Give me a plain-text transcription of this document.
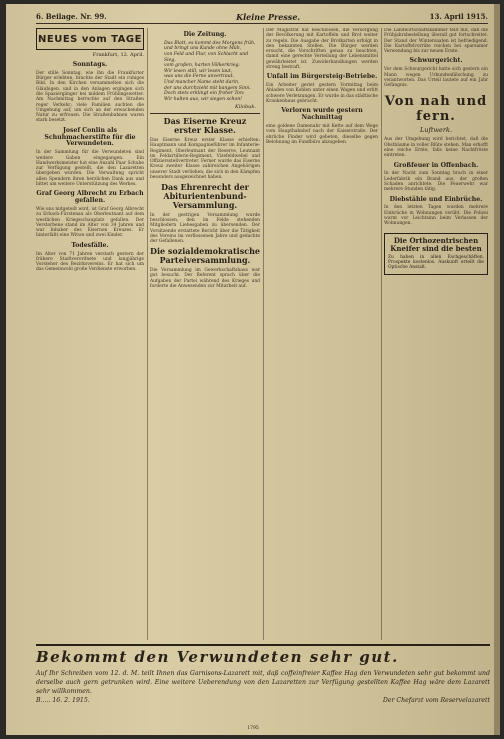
6. Beilage. Nr. 99.	Kleine Presse.	13. April 1915.
NEUES vom TAGE
Frankfurt, 12. April.
Sonntags.

Der stille Sonntag, wie ihn die Frankfurter Bürger erlebten, brachte der Stadt ein ruhiges Bild. In den Kirchen versammelten sich die Gläubigen, und in den Anlagen ergingen sich die Spaziergänger bei mildem Frühlingswetter. Am Nachmittag herrschte auf den Straßen reger Verkehr; viele Familien suchten die Umgebung auf, um sich an der erwachenden Natur zu erfreuen. Die Straßenbahnen waren stark besetzt.

Josef Conlin als Schuhmacherstifte für die Verwundeten.

In der Sammlung für die Verwundeten sind weitere Gaben eingegangen. Ein Handwerksmeister hat eine Anzahl Paar Schuhe zur Verfügung gestellt, die den Lazaretten übergeben wurden. Die Verwaltung spricht allen Spendern ihren herzlichen Dank aus und bittet um weitere Unterstützung des Werkes.

Graf Georg Albrecht zu Erbach gefallen.

Wie uns mitgeteilt wird, ist Graf Georg Albrecht zu Erbach-Fürstenau als Oberleutnant auf dem westlichen Kriegsschauplatz gefallen. Der Verstorbene stand im Alter von 34 Jahren und war Inhaber des Eisernen Kreuzes. Er hinterläßt eine Witwe und zwei Kinder.

Todesfälle.

Im Alter von 71 Jahren verstarb gestern der frühere Stadtverordnete und langjährige Vorsteher des Bezirksvereins. Er hat sich um das Gemeinwohl große Verdienste erworben.

Die Zeitung.
Das Blatt, es kommt des Morgens früh,
und bringt uns Kunde ohne Müh,
von Feld und Flur, von Schlacht und Sieg,
vom großen, harten Völkerkrieg.
Wir lesen still, wir lesen laut,
was uns die Ferne anvertraut.
Und mancher Name steht darin,
der uns durchzieht mit bangem Sinn.
Doch stets erklingt ein froher Ton:
Wir halten aus, wir siegen schon!
Kilobuk.
Das Eiserne Kreuz erster Klasse.

Das Eiserne Kreuz erster Klasse erhielten: Hauptmann und Kompagnieführer im Infanterie-Regiment, Oberleutnant der Reserve, Leutnant im Feldartillerie-Regiment, Vizefeldwebel und Offiziersstellvertreter. Ferner wurde das Eiserne Kreuz zweiter Klasse zahlreichen Angehörigen unserer Stadt verliehen, die sich in den Kämpfen besonders ausgezeichnet haben.

Das Ehrenrecht der Abiturientenbund-Versammlung.

In der gestrigen Versammlung wurde beschlossen, den im Felde stehenden Mitgliedern Liebesgaben zu übersenden. Der Vorsitzende erstattete Bericht über die Tätigkeit des Vereins im verflossenen Jahre und gedachte der Gefallenen.

Die sozialdemokratische Parteiversammlung.

Die Versammlung im Gewerkschaftshaus war gut besucht. Der Referent sprach über die Aufgaben der Partei während des Krieges und forderte die Anwesenden zur Mitarbeit auf.

Der Magistrat hat beschlossen, die Versorgung der Bevölkerung mit Kartoffeln und Brot weiter zu regeln. Die Ausgabe der Brotkarten erfolgt in den bekannten Stellen. Die Bürger werden ersucht, die Vorschriften genau zu beachten, damit eine gerechte Verteilung der Lebensmittel gewährleistet ist. Zuwiderhandlungen werden streng bestraft.

Unfall im Bürgersteig-Betriebe.

Ein Arbeiter geriet gestern Vormittag beim Abladen von Kohlen unter einen Wagen und erlitt schwere Verletzungen. Er wurde in das städtische Krankenhaus gebracht.

Verloren wurde gestern Nachmittag

eine goldene Damenuhr mit Kette auf dem Wege vom Hauptbahnhof nach der Kaiserstraße. Der ehrliche Finder wird gebeten, dieselbe gegen Belohnung im Fundbüro abzugeben.

Die Landwirtschaftskammer teilt mit, daß die Frühjahrsbestellung überall gut fortschreitet. Der Stand der Wintersaaten ist befriedigend. Die Kartoffelvorräte reichen bei sparsamer Verwendung bis zur neuen Ernte.

Schwurgericht.

Vor dem Schwurgericht hatte sich gestern ein Mann wegen Urkundenfälschung zu verantworten. Das Urteil lautete auf ein Jahr Gefängnis.

Von nah und fern.
Luftwerk.

Aus der Umgebung wird berichtet, daß die Obstbäume in voller Blüte stehen. Man erhofft eine reiche Ernte, falls keine Nachtfröste eintreten.

Großfeuer in Offenbach.

In der Nacht zum Sonntag brach in einer Lederfabrik ein Brand aus, der großen Schaden anrichtete. Die Feuerwehr war mehrere Stunden tätig.

Diebstähle und Einbrüche.

In den letzten Tagen wurden mehrere Einbrüche in Wohnungen verübt. Die Polizei warnt vor Leichtsinn beim Verlassen der Wohnungen.

Die Orthozentrischen Kneifer sind die besten
Zu haben in allen Fachgeschäften. Prospekte kostenlos. Auskunft erteilt die Optische Anstalt.
Bekommt den Verwundeten sehr gut.
Auf Ihr Schreiben vom 12. d. M. teilt Ihnen das Garnisons-Lazarett mit, daß coffeinfreier Kaffee Hag den Verwundeten sehr gut bekommt und derselbe auch gern getrunken wird. Eine weitere Ueberendung von den Lazaretten zur Verfügung gestellten Kaffee Hag wäre dem Lazarett sehr willkommen.
B..... 16. 2. 1915.	Der Chefarzt vom Reservelazarett
1795
